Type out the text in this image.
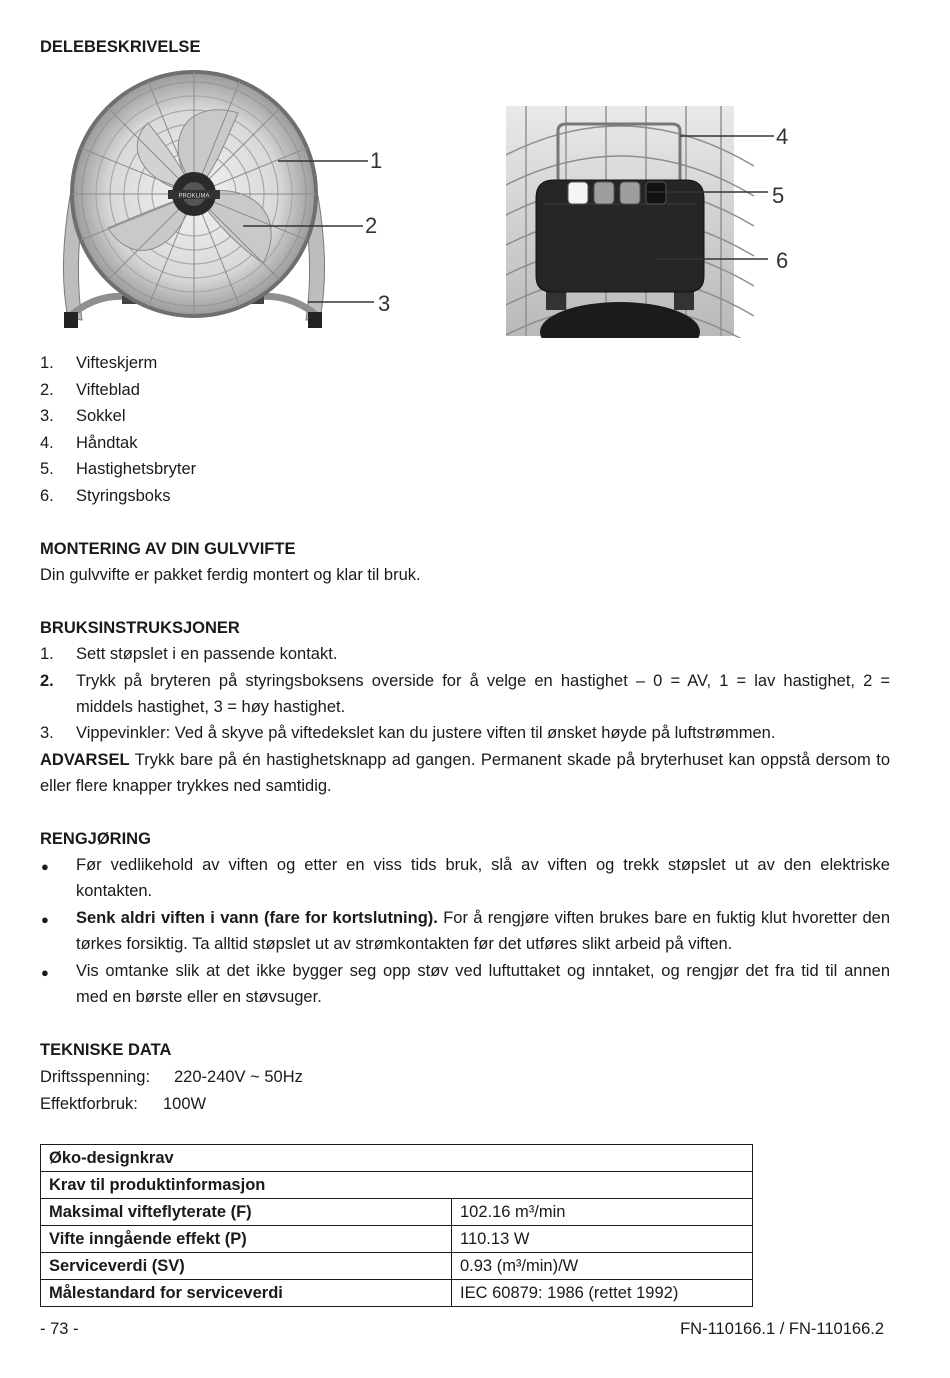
DELEBESKRIVELSE
PROKLIMA
1
2
3
4
5
6
1. Vifteskjerm
2. Vifteblad
3. Sokkel
4. Håndtak
5. Hastighetsbryter
6. Styringsboks
MONTERING AV DIN GULVVIFTE
Din gulvvifte er pakket ferdig montert og klar til bruk.
BRUKSINSTRUKSJONER
1. Sett støpslet i en passende kontakt.
2. Trykk på bryteren på styringsboksens overside for å velge en hastighet – 0 = AV, 1 = lav hastighet, 2 =
middels hastighet, 3 = høy hastighet.
3. Vippevinkler: Ved å skyve på viftedekslet kan du justere viften til ønsket høyde på luftstrømmen.
ADVARSEL Trykk bare på én hastighetsknapp ad gangen. Permanent skade på bryterhuset kan oppstå dersom to
eller flere knapper trykkes ned samtidig.
RENGJØRING
● Før vedlikehold av viften og etter en viss tids bruk, slå av viften og trekk støpslet ut av den elektriske
kontakten.
● Senk aldri viften i vann (fare for kortslutning). For å rengjøre viften brukes bare en fuktig klut hvoretter den
tørkes forsiktig. Ta alltid støpslet ut av strømkontakten før det utføres slikt arbeid på viften.
● Vis omtanke slik at det ikke bygger seg opp støv ved luftuttaket og inntaket, og rengjør det fra tid til annen
med en børste eller en støvsuger.
TEKNISKE DATA
Driftsspenning: 220-240V ~ 50Hz
Effektforbruk: 100W
Øko-designkrav	
Krav til produktinformasjon	
Maksimal vifteflyterate (F)	102.16 m³/min
Vifte inngående effekt (P)	110.13 W
Serviceverdi (SV)	0.93 (m³/min)/W
Målestandard for serviceverdi	IEC 60879: 1986 (rettet 1992)
- 73 -	FN-110166.1 / FN-110166.2
